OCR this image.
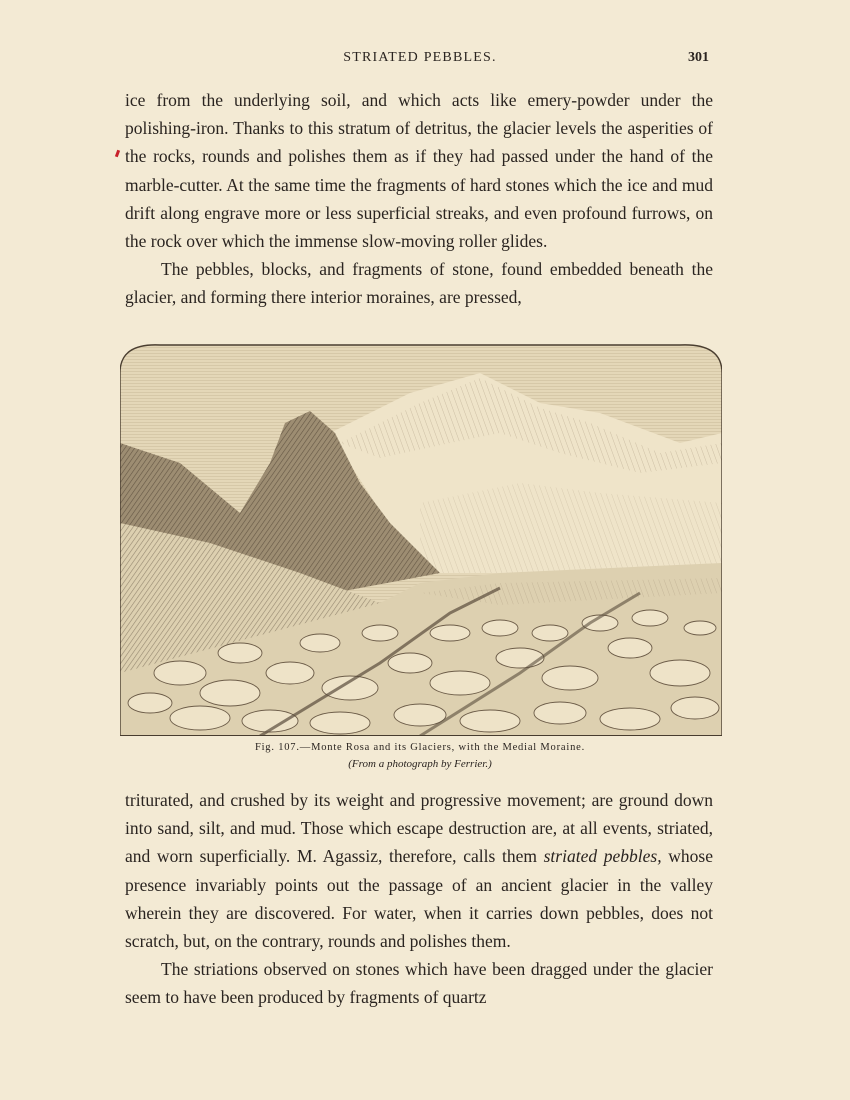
STRIATED PEBBLES.	301

ice from the underlying soil, and which acts like emery-powder under the polishing-iron. Thanks to this stratum of detritus, the glacier levels the asperities of the rocks, rounds and polishes them as if they had passed under the hand of the marble-cutter. At the same time the fragments of hard stones which the ice and mud drift along engrave more or less superficial streaks, and even profound furrows, on the rock over which the immense slow-moving roller glides.

The pebbles, blocks, and fragments of stone, found embedded beneath the glacier, and forming there interior moraines, are pressed,

Fig. 107.—Monte Rosa and its Glaciers, with the Medial Moraine.
(From a photograph by Ferrier.)

triturated, and crushed by its weight and progressive movement; are ground down into sand, silt, and mud. Those which escape destruction are, at all events, striated, and worn superficially. M. Agassiz, therefore, calls them striated pebbles, whose presence invariably points out the passage of an ancient glacier in the valley wherein they are discovered. For water, when it carries down pebbles, does not scratch, but, on the contrary, rounds and polishes them.

The striations observed on stones which have been dragged under the glacier seem to have been produced by fragments of quartz
